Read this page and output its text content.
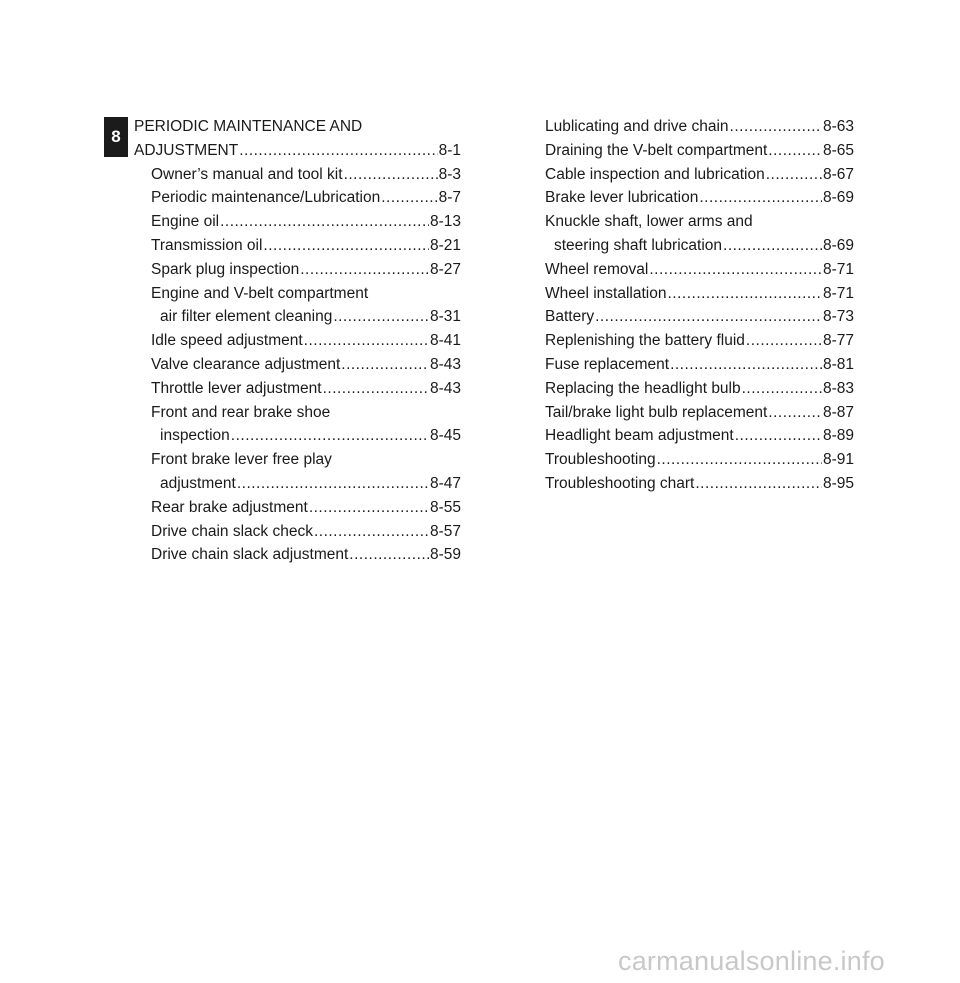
8
PERIODIC MAINTENANCE AND
ADJUSTMENT .....	8-1
Owner’s manual and tool kit .....	8-3
Periodic maintenance/Lubrication .....	8-7
Engine oil .....	8-13
Transmission oil .....	8-21
Spark plug inspection .....	8-27
Engine and V-belt compartment
air filter element cleaning .....	8-31
Idle speed adjustment .....	8-41
Valve clearance adjustment .....	8-43
Throttle lever adjustment .....	8-43
Front and rear brake shoe
inspection .....	8-45
Front brake lever free play
adjustment .....	8-47
Rear brake adjustment .....	8-55
Drive chain slack check .....	8-57
Drive chain slack adjustment .....	8-59
Lublicating and drive chain .....	8-63
Draining the V-belt compartment .....	8-65
Cable inspection and lubrication .....	8-67
Brake lever lubrication .....	8-69
Knuckle shaft, lower arms and
steering shaft lubrication .....	8-69
Wheel removal .....	8-71
Wheel installation .....	8-71
Battery .....	8-73
Replenishing the battery fluid .....	8-77
Fuse replacement .....	8-81
Replacing the headlight bulb .....	8-83
Tail/brake light bulb replacement .....	8-87
Headlight beam adjustment .....	8-89
Troubleshooting .....	8-91
Troubleshooting chart .....	8-95
carmanualsonline.info
